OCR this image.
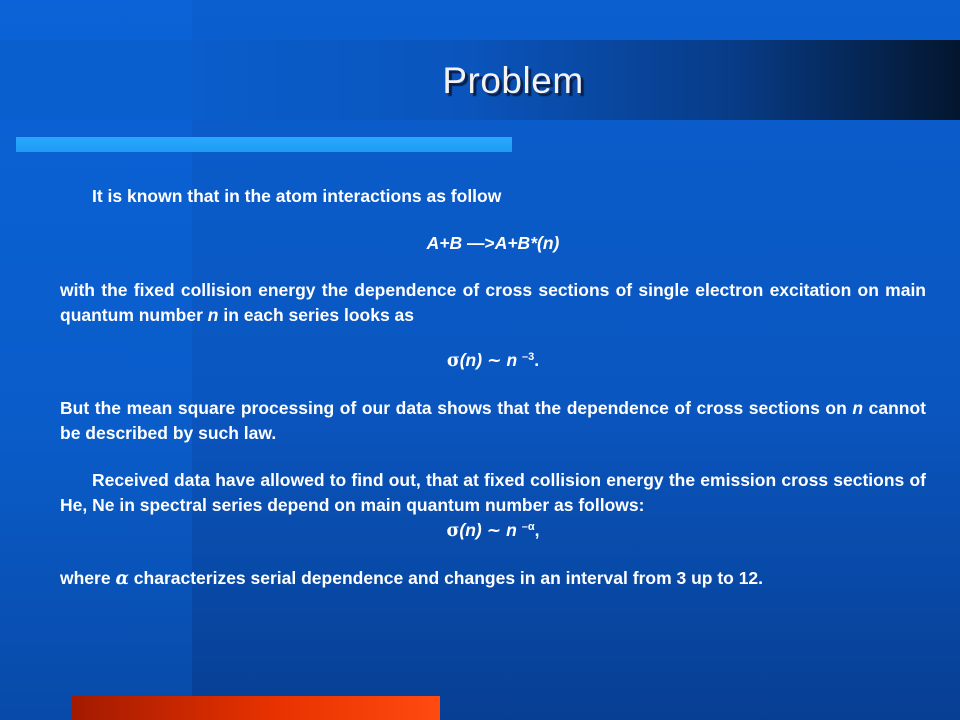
Problem

It is known that in the atom interactions as follow

A+B —>A+B*(n)

with the fixed collision energy the dependence of cross sections of single electron excitation on main quantum number n in each series looks as

σ(n) ~ n $^{-3}$.

But the mean square processing of our data shows that the dependence of cross sections on n cannot be described by such law.

Received data have allowed to find out, that at fixed collision energy the emission cross sections of He, Ne in spectral series depend on main quantum number as follows:

σ(n) ~ n $^{-\alpha}$,

where α characterizes serial dependence and changes in an interval from 3 up to 12.
